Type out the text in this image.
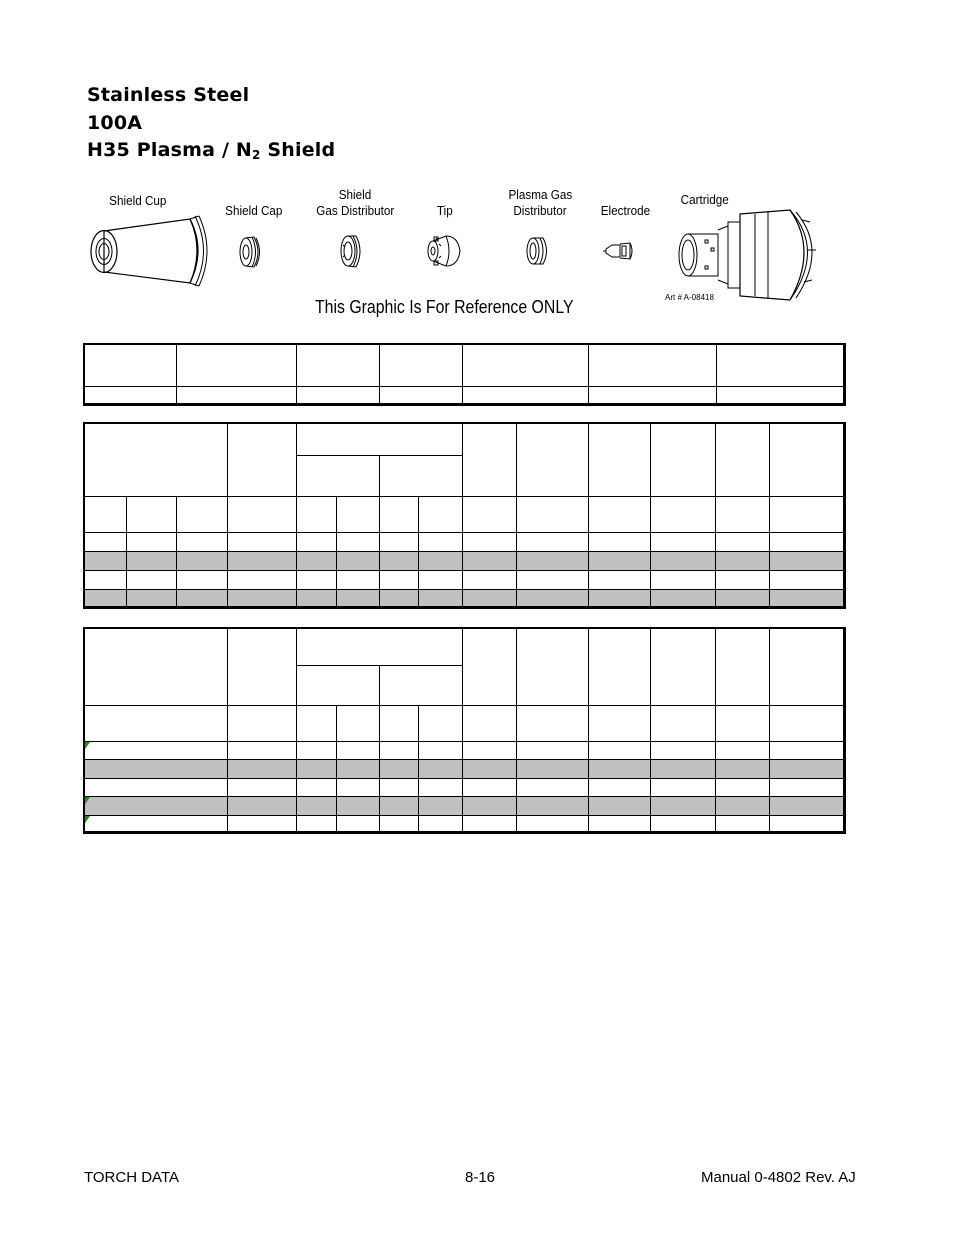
Stainless Steel
100A
H35 Plasma / $N_2$ Shield
Shield Cup
Shield Cap
Shield
Gas Distributor	Tip
Plasma Gas
Distributor	Electrode
Cartridge
Art # A-08418
This Graphic Is For Reference ONLY

TORCH DATA	8-16	Manual 0-4802 Rev. AJ
